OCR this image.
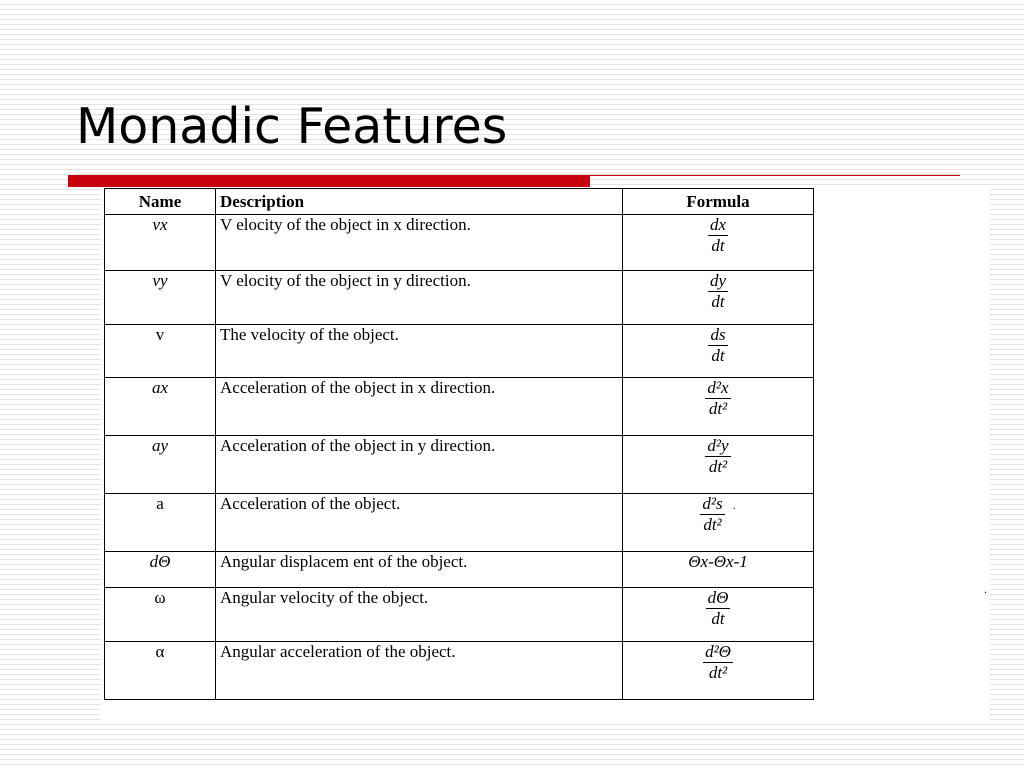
Monadic Features
Name	Description	Formula
vx	V elocity of the object in x direction.	$\frac{dx}{dt}$

vy	V elocity of the object in y direction.	$\frac{dy}{dt}$

v	The velocity of the object.	$\frac{ds}{dt}$

ax	Acceleration of the object in x direction.	$\frac{\text{d²x}}{\text{dt²}}$

ay	Acceleration of the object in y direction.	$\frac{\text{d²y}}{\text{dt²}}$

a	Acceleration of the object.	$\frac{\text{d²s}}{\text{dt²}}$ .
dΘ	Angular displacem ent of the object.	Θx-Θx-1
ω	Angular velocity of the object.	$\frac{d\Theta}{dt}$

α	Angular acceleration of the object.	$\frac{\text{d²Θ}}{\text{dt²}}$
.
